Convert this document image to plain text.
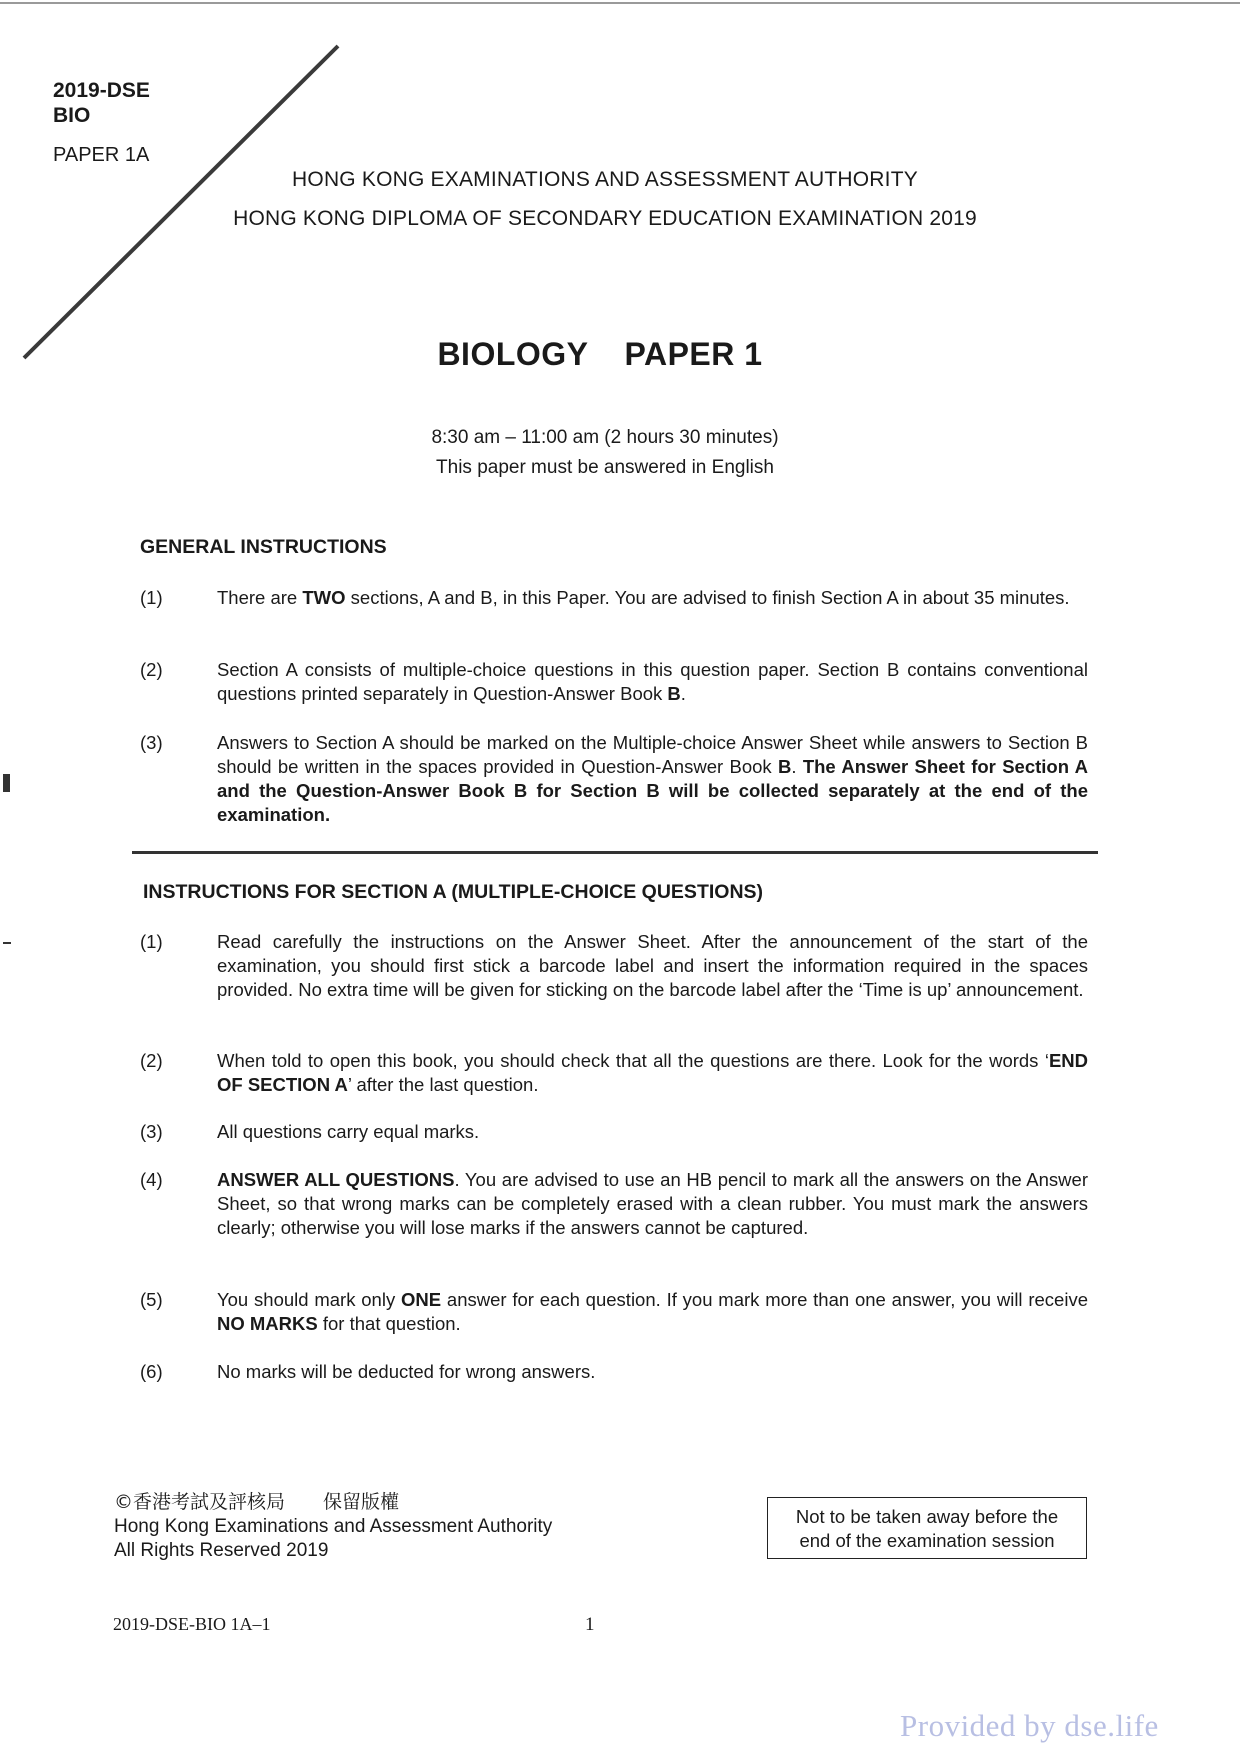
2019-DSE
BIO
PAPER 1A
HONG KONG EXAMINATIONS AND ASSESSMENT AUTHORITY
HONG KONG DIPLOMA OF SECONDARY EDUCATION EXAMINATION 2019
BIOLOGY PAPER 1
8:30 am – 11:00 am (2 hours 30 minutes)
This paper must be answered in English
GENERAL INSTRUCTIONS
(1)	There are TWO sections, A and B, in this Paper. You are advised to finish Section A in about 35 minutes.
(2)	Section A consists of multiple-choice questions in this question paper. Section B contains conventional questions printed separately in Question-Answer Book B.
(3)	Answers to Section A should be marked on the Multiple-choice Answer Sheet while answers to Section B should be written in the spaces provided in Question-Answer Book B. The Answer Sheet for Section A and the Question-Answer Book B for Section B will be collected separately at the end of the examination.
INSTRUCTIONS FOR SECTION A (MULTIPLE-CHOICE QUESTIONS)
(1)	Read carefully the instructions on the Answer Sheet. After the announcement of the start of the examination, you should first stick a barcode label and insert the information required in the spaces provided. No extra time will be given for sticking on the barcode label after the ‘Time is up’ announcement.
(2)	When told to open this book, you should check that all the questions are there. Look for the words ‘END OF SECTION A’ after the last question.
(3)	All questions carry equal marks.
(4)	ANSWER ALL QUESTIONS. You are advised to use an HB pencil to mark all the answers on the Answer Sheet, so that wrong marks can be completely erased with a clean rubber. You must mark the answers clearly; otherwise you will lose marks if the answers cannot be captured.
(5)	You should mark only ONE answer for each question. If you mark more than one answer, you will receive NO MARKS for that question.
(6)	No marks will be deducted for wrong answers.
©香港考試及評核局 保留版權
Hong Kong Examinations and Assessment Authority
All Rights Reserved 2019
Not to be taken away before the
end of the examination session
2019-DSE-BIO 1A–1	1
Provided by dse.life
